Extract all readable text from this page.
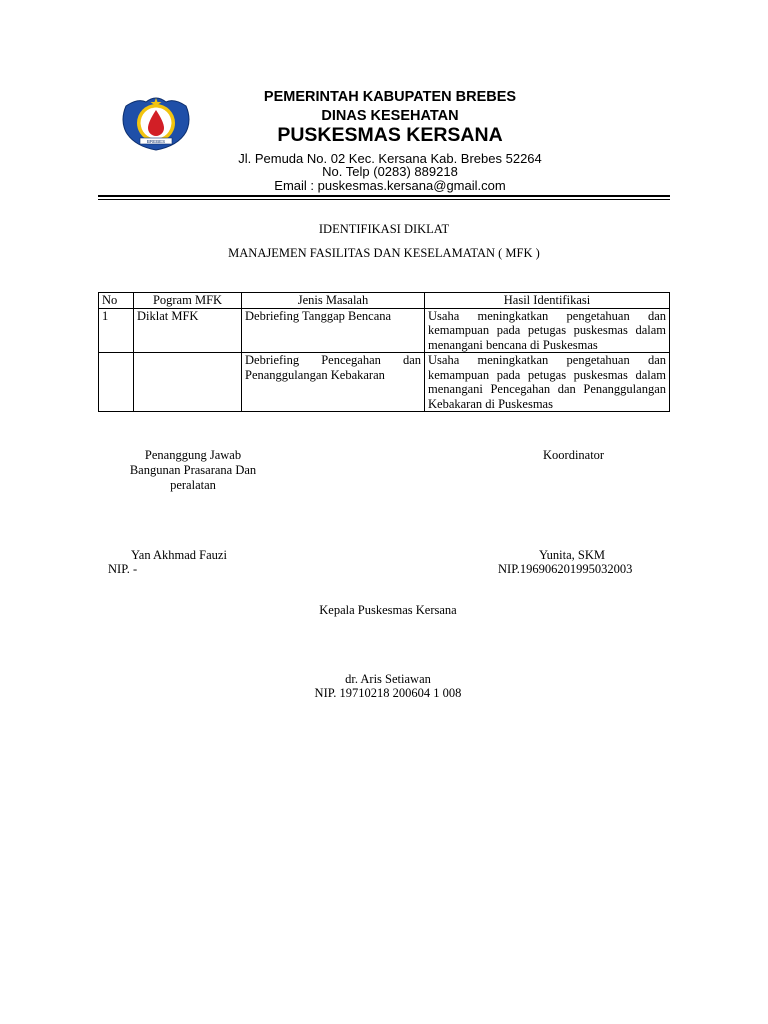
BREBES
PEMERINTAH KABUPATEN BREBES
DINAS KESEHATAN
PUSKESMAS KERSANA
Jl. Pemuda No. 02 Kec. Kersana Kab. Brebes 52264
No. Telp (0283) 889218
Email : puskesmas.kersana@gmail.com
IDENTIFIKASI DIKLAT
MANAJEMEN FASILITAS DAN KESELAMATAN ( MFK )
No	Pogram MFK	Jenis Masalah	Hasil Identifikasi
1	Diklat MFK	Debriefing Tanggap Bencana	Usaha meningkatkan pengetahuan dan kemampuan pada petugas puskesmas dalam menangani bencana di Puskesmas
		Debriefing Pencegahan dan Penanggulangan Kebakaran	Usaha meningkatkan pengetahuan dan kemampuan pada petugas puskesmas dalam menangani Pencegahan dan Penanggulangan Kebakaran di Puskesmas
Penanggung Jawab
Bangunan Prasarana Dan
peralatan
Yan Akhmad Fauzi
NIP. -
Koordinator
Yunita, SKM
NIP.196906201995032003
Kepala Puskesmas Kersana
dr. Aris Setiawan
NIP. 19710218 200604 1 008
